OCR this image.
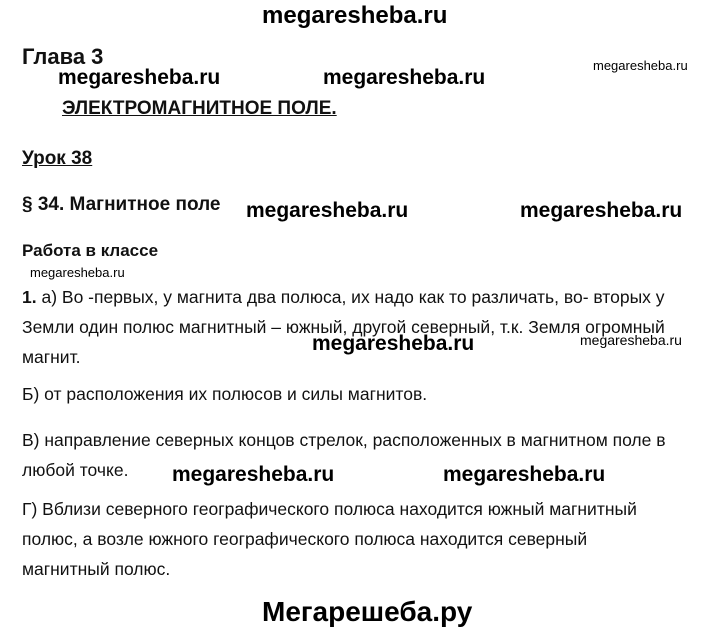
megaresheba.ru
Глава 3
megaresheba.ru	megaresheba.ru
megaresheba.ru
ЭЛЕКТРОМАГНИТНОЕ ПОЛЕ.
Урок 38
§ 34. Магнитное поле megaresheba.ru	megaresheba.ru
Работа в классе
megaresheba.ru
1. а) Во -первых, у магнита два полюса, их надо как то различать, во- вторых у Земли один полюс магнитный – южный, другой северный, т.к. Земля огромный магнит.
megaresheba.ru	megaresheba.ru
Б) от расположения их полюсов и силы магнитов.
В) направление северных концов стрелок, расположенных в магнитном поле в любой точке.	megaresheba.ru	megaresheba.ru
Г) Вблизи северного географического полюса находится южный магнитный полюс, а возле южного географического полюса находится северный магнитный полюс.
Мегарешеба.ру
